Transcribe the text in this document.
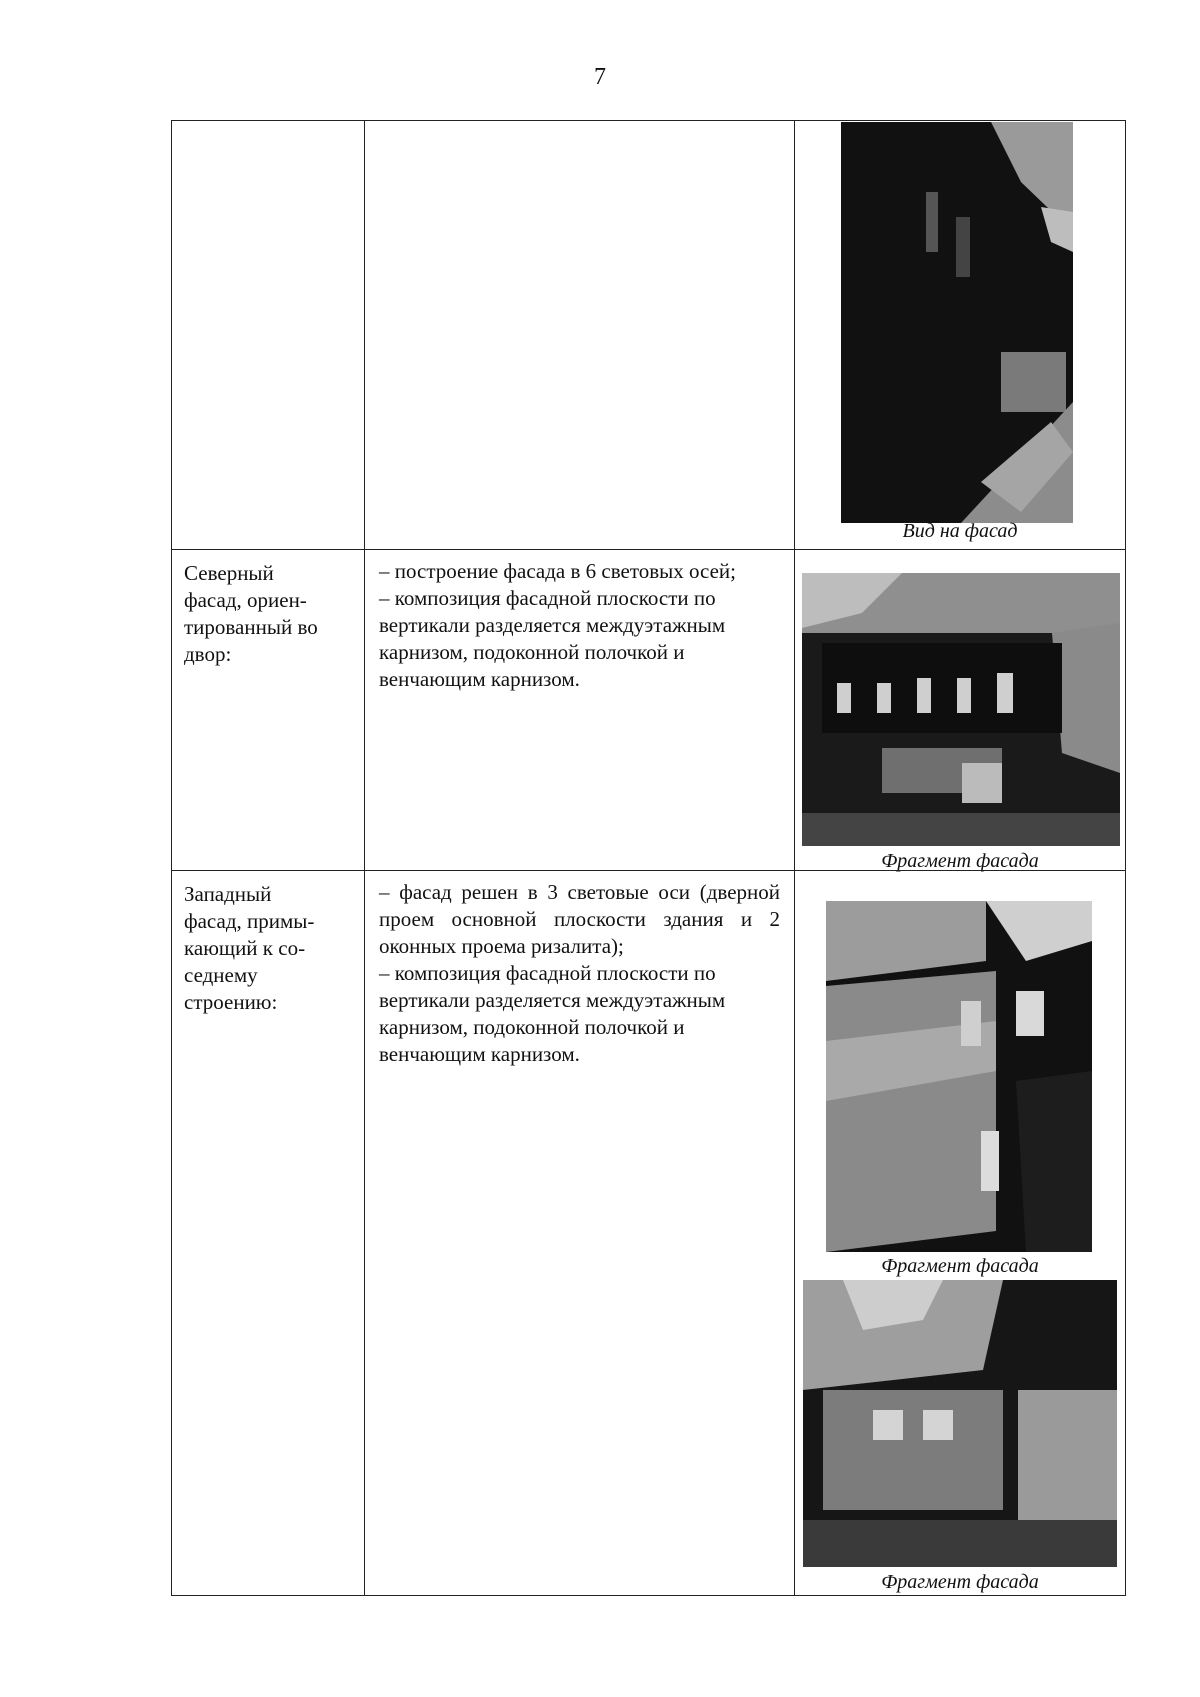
7
Вид на фасад
Северный
фасад, ориен-
тированный во
двор:

– построение фасада в 6 световых осей;

– композиция фасадной плоскости по вертикали разделяется междуэтажным карнизом, подоконной полочкой и венчающим карнизом.

Фрагмент фасада
Западный
фасад, примы-
кающий к со-
седнему
строению:

– фасад решен в 3 световые оси (дверной проем основной плоскости здания и 2 оконных проема ризалита);

– композиция фасадной плоскости по вертикали разделяется междуэтажным карнизом, подоконной полочкой и венчающим карнизом.

Фрагмент фасада
Фрагмент фасада
